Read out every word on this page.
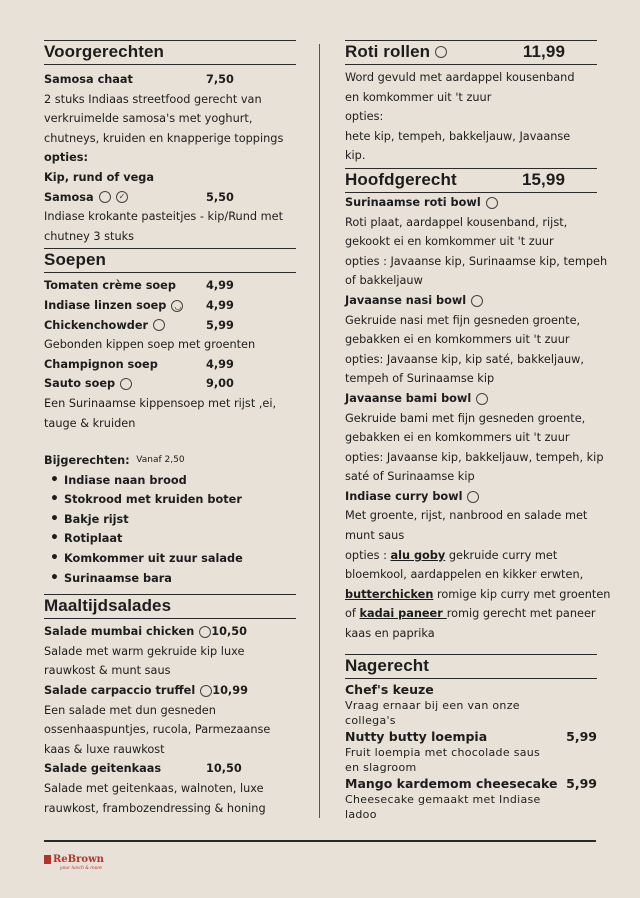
Voorgerechten
Samosa chaat	7,50
2 stuks Indiaas streetfood gerecht van
verkruimelde samosa's met yoghurt,
chutneys, kruiden en knapperige toppings
opties:
Kip, rund of vega
Samosa ✓	5,50
Indiase krokante pasteitjes - kip/Rund met
chutney 3 stuks
Soepen
Tomaten crème soep	4,99
Indiase linzen soep ◡	4,99
Chickenchowder	5,99
Gebonden kippen soep met groenten
Champignon soep	4,99
Sauto soep	9,00
Een Surinaamse kippensoep met rijst ,ei,
tauge & kruiden
Bijgerechten: $^{Vanaf 2,50}$
• Indiase naan brood
• Stokrood met kruiden boter
• Bakje rijst
• Rotiplaat
• Komkommer uit zuur salade
• Surinaamse bara
Maaltijdsalades
Salade mumbai chicken 10,50
Salade met warm gekruide kip luxe
rauwkost & munt saus
Salade carpaccio truffel 10,99
Een salade met dun gesneden
ossenhaaspuntjes, rucola, Parmezaanse
kaas & luxe rauwkost
Salade geitenkaas	10,50
Salade met geitenkaas, walnoten, luxe
rauwkost, frambozendressing & honing
Roti rollen	11,99
Word gevuld met aardappel kousenband
en komkommer uit 't zuur
opties:
hete kip, tempeh, bakkeljauw, Javaanse
kip.
Hoofdgerecht	15,99
Surinaamse roti bowl
Roti plaat, aardappel kousenband, rijst,
gekookt ei en komkommer uit 't zuur
opties : Javaanse kip, Surinaamse kip, tempeh
of bakkeljauw
Javaanse nasi bowl
Gekruide nasi met fijn gesneden groente,
gebakken ei en komkommers uit 't zuur
opties: Javaanse kip, kip saté, bakkeljauw,
tempeh of Surinaamse kip
Javaanse bami bowl
Gekruide bami met fijn gesneden groente,
gebakken ei en komkommers uit 't zuur
opties: Javaanse kip, bakkeljauw, tempeh, kip
saté of Surinaamse kip
Indiase curry bowl
Met groente, rijst, nanbrood en salade met
munt saus
opties : alu goby gekruide curry met
bloemkool, aardappelen en kikker erwten,
butterchicken romige kip curry met groenten
of kadai paneer romig gerecht met paneer
kaas en paprika
Nagerecht
Chef's keuze
Vraag ernaar bij een van onze
collega's
Nutty butty loempia	5,99
Fruit loempia met chocolade saus
en slagroom
Mango kardemom cheesecake 5,99
Cheesecake gemaakt met Indiase
ladoo
ReBrown
your lunch & more
